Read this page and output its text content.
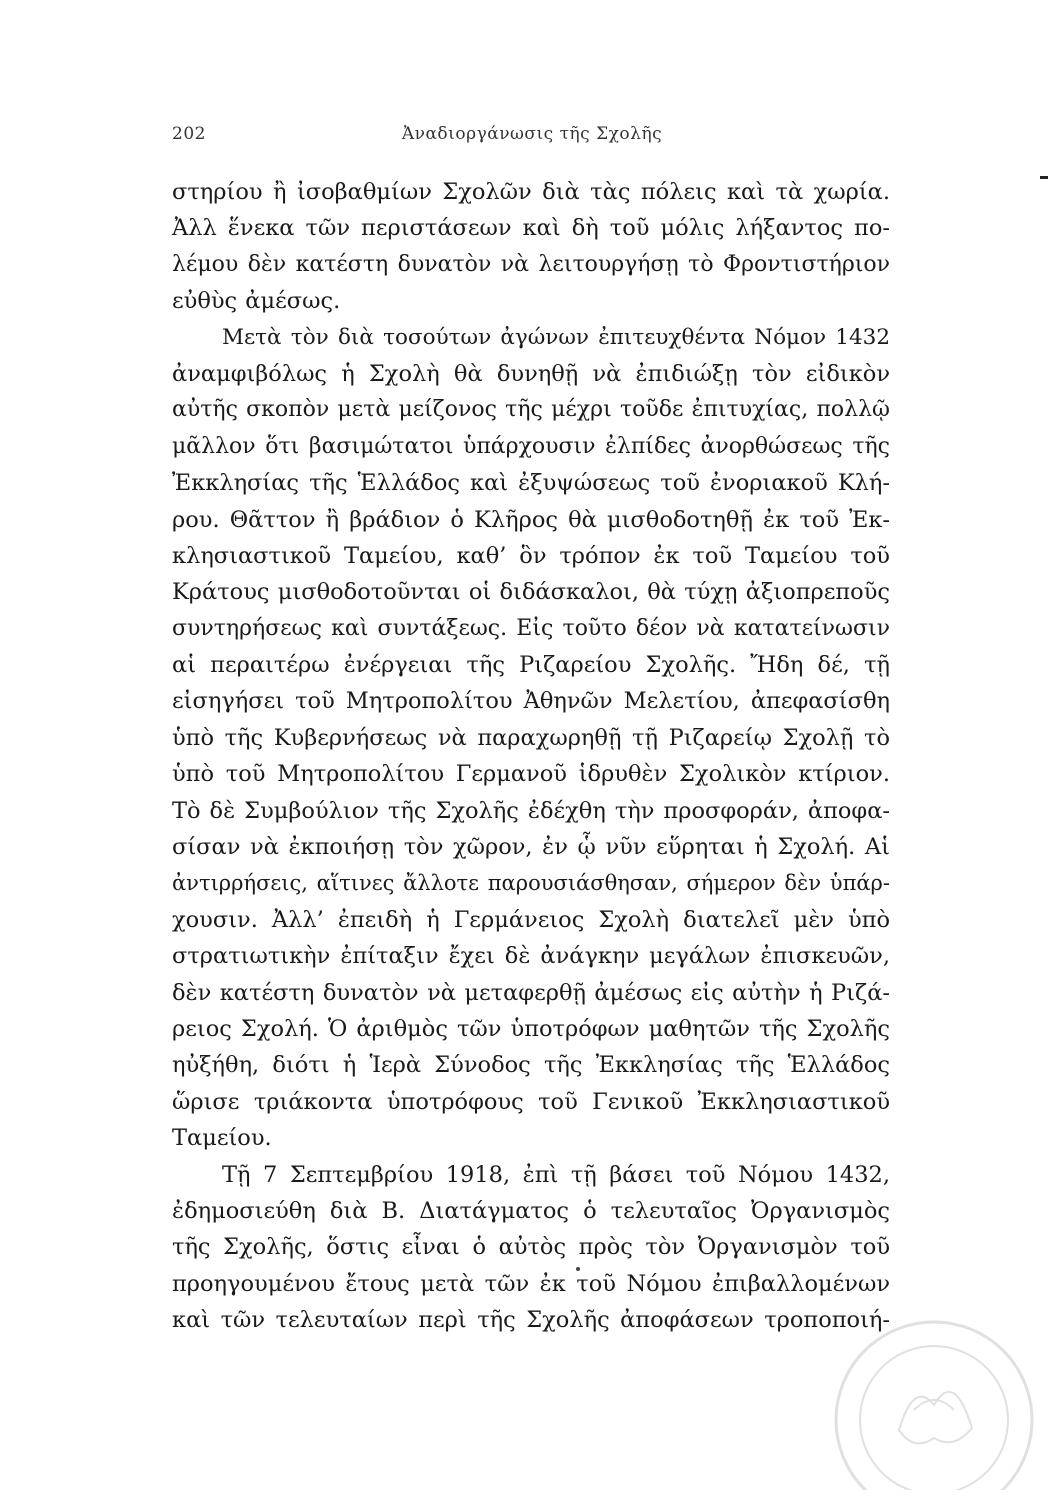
202	Ἀναδιοργάνωσις τῆς Σχολῆς
στηρίου ἢ ἰσοβαθμίων Σχολῶν διὰ τὰς πόλεις καὶ τὰ χωρία.
Ἀλλ ἕνεκα τῶν περιστάσεων καὶ δὴ τοῦ μόλις λήξαντος πο-
λέμου δὲν κατέστη δυνατὸν νὰ λειτουργήσῃ τὸ Φροντιστήριον
εὐθὺς ἀμέσως.
Μετὰ τὸν διὰ τοσούτων ἀγώνων ἐπιτευχθέντα Νόμον 1432
ἀναμφιβόλως ἡ Σχολὴ θὰ δυνηθῇ νὰ ἐπιδιώξῃ τὸν εἰδικὸν
αὐτῆς σκοπὸν μετὰ μείζονος τῆς μέχρι τοῦδε ἐπιτυχίας, πολλῷ
μᾶλλον ὅτι βασιμώτατοι ὑπάρχουσιν ἐλπίδες ἀνορθώσεως τῆς
Ἐκκλησίας τῆς Ἑλλάδος καὶ ἐξυψώσεως τοῦ ἐνοριακοῦ Κλή-
ρου. Θᾶττον ἢ βράδιον ὁ Κλῆρος θὰ μισθοδοτηθῇ ἐκ τοῦ Ἐκ-
κλησιαστικοῦ Ταμείου, καθ’ ὃν τρόπον ἐκ τοῦ Ταμείου τοῦ
Κράτους μισθοδοτοῦνται οἱ διδάσκαλοι, θὰ τύχῃ ἀξιοπρεποῦς
συντηρήσεως καὶ συντάξεως. Εἰς τοῦτο δέον νὰ κατατείνωσιν
αἱ περαιτέρω ἐνέργειαι τῆς Ριζαρείου Σχολῆς. Ἤδη δέ, τῇ
εἰσηγήσει τοῦ Μητροπολίτου Ἀθηνῶν Μελετίου, ἀπεφασίσθη
ὑπὸ τῆς Κυβερνήσεως νὰ παραχωρηθῇ τῇ Ριζαρείῳ Σχολῇ τὸ
ὑπὸ τοῦ Μητροπολίτου Γερμανοῦ ἱδρυθὲν Σχολικὸν κτίριον.
Τὸ δὲ Συμβούλιον τῆς Σχολῆς ἐδέχθη τὴν προσφοράν, ἀποφα-
σίσαν νὰ ἐκποιήσῃ τὸν χῶρον, ἐν ᾧ νῦν εὕρηται ἡ Σχολή. Αἱ
ἀντιρρήσεις, αἵτινες ἄλλοτε παρουσιάσθησαν, σήμερον δὲν ὑπάρ-
χουσιν. Ἀλλ’ ἐπειδὴ ἡ Γερμάνειος Σχολὴ διατελεῖ μὲν ὑπὸ
στρατιωτικὴν ἐπίταξιν ἔχει δὲ ἀνάγκην μεγάλων ἐπισκευῶν,
δὲν κατέστη δυνατὸν νὰ μεταφερθῇ ἀμέσως εἰς αὐτὴν ἡ Ριζά-
ρειος Σχολή. Ὁ ἀριθμὸς τῶν ὑποτρόφων μαθητῶν τῆς Σχολῆς
ηὐξήθη, διότι ἡ Ἱερὰ Σύνοδος τῆς Ἐκκλησίας τῆς Ἑλλάδος
ὥρισε τριάκοντα ὑποτρόφους τοῦ Γενικοῦ Ἐκκλησιαστικοῦ
Ταμείου.
Τῇ 7 Σεπτεμβρίου 1918, ἐπὶ τῇ βάσει τοῦ Νόμου 1432,
ἐδημοσιεύθη διὰ Β. Διατάγματος ὁ τελευταῖος Ὀργανισμὸς
τῆς Σχολῆς, ὅστις εἶναι ὁ αὐτὸς πρὸς τὸν Ὀργανισμὸν τοῦ
προηγουμένου ἔτους μετὰ τῶν ἐκ τοῦ Νόμου ἐπιβαλλομένων
καὶ τῶν τελευταίων περὶ τῆς Σχολῆς ἀποφάσεων τροποποιή-
